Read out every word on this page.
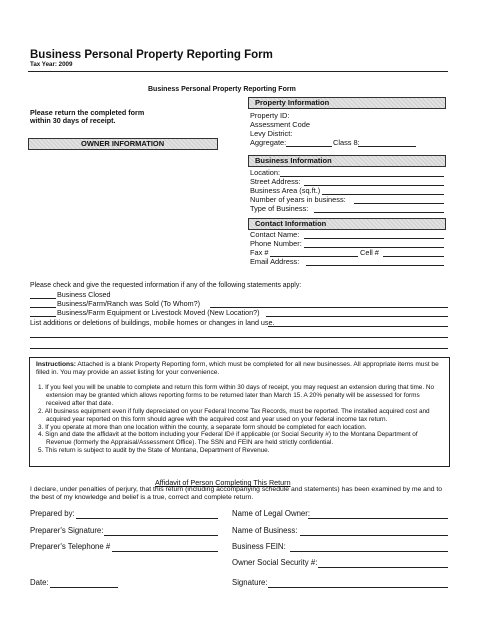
Business Personal Property Reporting Form
Tax Year: 2009
Business Personal Property Reporting Form
Please return the completed form
within 30 days of receipt.
OWNER INFORMATION
Property Information
Property ID:
Assessment Code
Levy District:
Aggregate:	Class 8:
Business Information
Location:
Street Address:
Business Area (sq.ft.)
Number of years in business:
Type of Business:
Contact Information
Contact Name:
Phone Number:
Fax #	Cell #
Email Address:
Please check and give the requested information if any of the following statements apply:
Business Closed
Business/Farm/Ranch was Sold (To Whom?)
Business/Farm Equipment or Livestock Moved (New Location?)
List additions or deletions of buildings, mobile homes or changes in land use.
Instructions: Attached is a blank Property Reporting form, which must be completed for all new businesses. All appropriate items must be filled in. You may provide an asset listing for your convenience.

1. If you feel you will be unable to complete and return this form within 30 days of receipt, you may request an extension during that time. No extension may be granted which allows reporting forms to be returned later than March 15. A 20% penalty will be assessed for forms received after that date.

2. All business equipment even if fully depreciated on your Federal Income Tax Records, must be reported. The installed acquired cost and acquired year reported on this form should agree with the acquired cost and year used on your federal income tax return.

3. If you operate at more than one location within the county, a separate form should be completed for each location.

4. Sign and date the affidavit at the bottom including your Federal ID# if applicable (or Social Security #) to the Montana Department of Revenue (formerly the Appraisal/Assessment Office). The SSN and FEIN are held strictly confidential.

5. This return is subject to audit by the State of Montana, Department of Revenue.

Affidavit of Person Completing This Return
I declare, under penalties of perjury, that this return (including accompanying schedule and statements) has been examined by me and to the best of my knowledge and belief is a true, correct and complete return.
Prepared by:
Preparer's Signature:
Preparer's Telephone #
Name of Legal Owner:
Name of Business:
Business FEIN:
Owner Social Security #:
Date:	Signature:
